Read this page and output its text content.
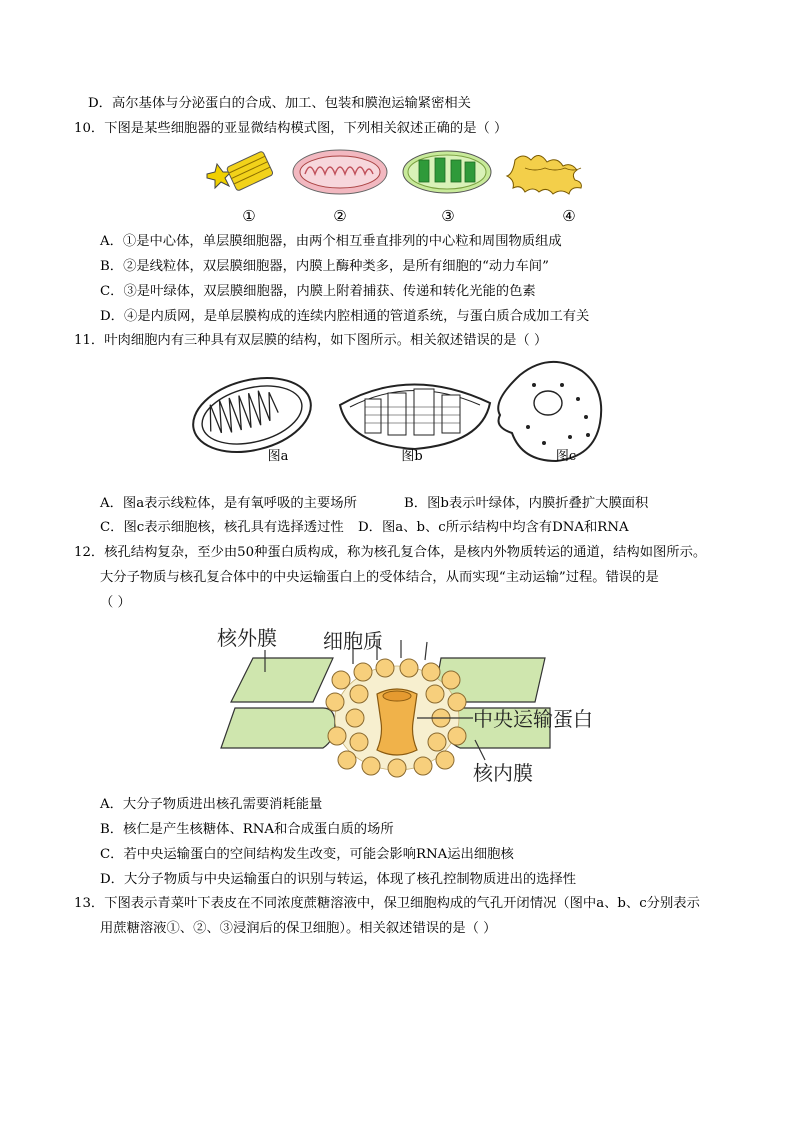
D．高尔基体与分泌蛋白的合成、加工、包装和膜泡运输紧密相关
10．下图是某些细胞器的亚显微结构模式图，下列相关叙述正确的是（ ）
①	②	③	④
A．①是中心体，单层膜细胞器，由两个相互垂直排列的中心粒和周围物质组成
B．②是线粒体，双层膜细胞器，内膜上酶种类多，是所有细胞的“动力车间”
C．③是叶绿体，双层膜细胞器，内膜上附着捕获、传递和转化光能的色素
D．④是内质网，是单层膜构成的连续内腔相通的管道系统，与蛋白质合成加工有关
11．叶肉细胞内有三种具有双层膜的结构，如下图所示。相关叙述错误的是（ ）
图a	图b	图c
A．图a表示线粒体，是有氧呼吸的主要场所	B．图b表示叶绿体，内膜折叠扩大膜面积
C．图c表示细胞核，核孔具有选择透过性 D．图a、b、c所示结构中均含有DNA和RNA
12．核孔结构复杂，至少由50种蛋白质构成，称为核孔复合体，是核内外物质转运的通道，结构如图所示。
大分子物质与核孔复合体中的中央运输蛋白上的受体结合，从而实现“主动运输”过程。错误的是
（ ）
核外膜 细胞质
中央运输蛋白
核内膜
A．大分子物质进出核孔需要消耗能量
B．核仁是产生核糖体、RNA和合成蛋白质的场所
C．若中央运输蛋白的空间结构发生改变，可能会影响RNA运出细胞核
D．大分子物质与中央运输蛋白的识别与转运，体现了核孔控制物质进出的选择性
13．下图表示青菜叶下表皮在不同浓度蔗糖溶液中，保卫细胞构成的气孔开闭情况（图中a、b、c分别表示
用蔗糖溶液①、②、③浸润后的保卫细胞）。相关叙述错误的是（ ）
